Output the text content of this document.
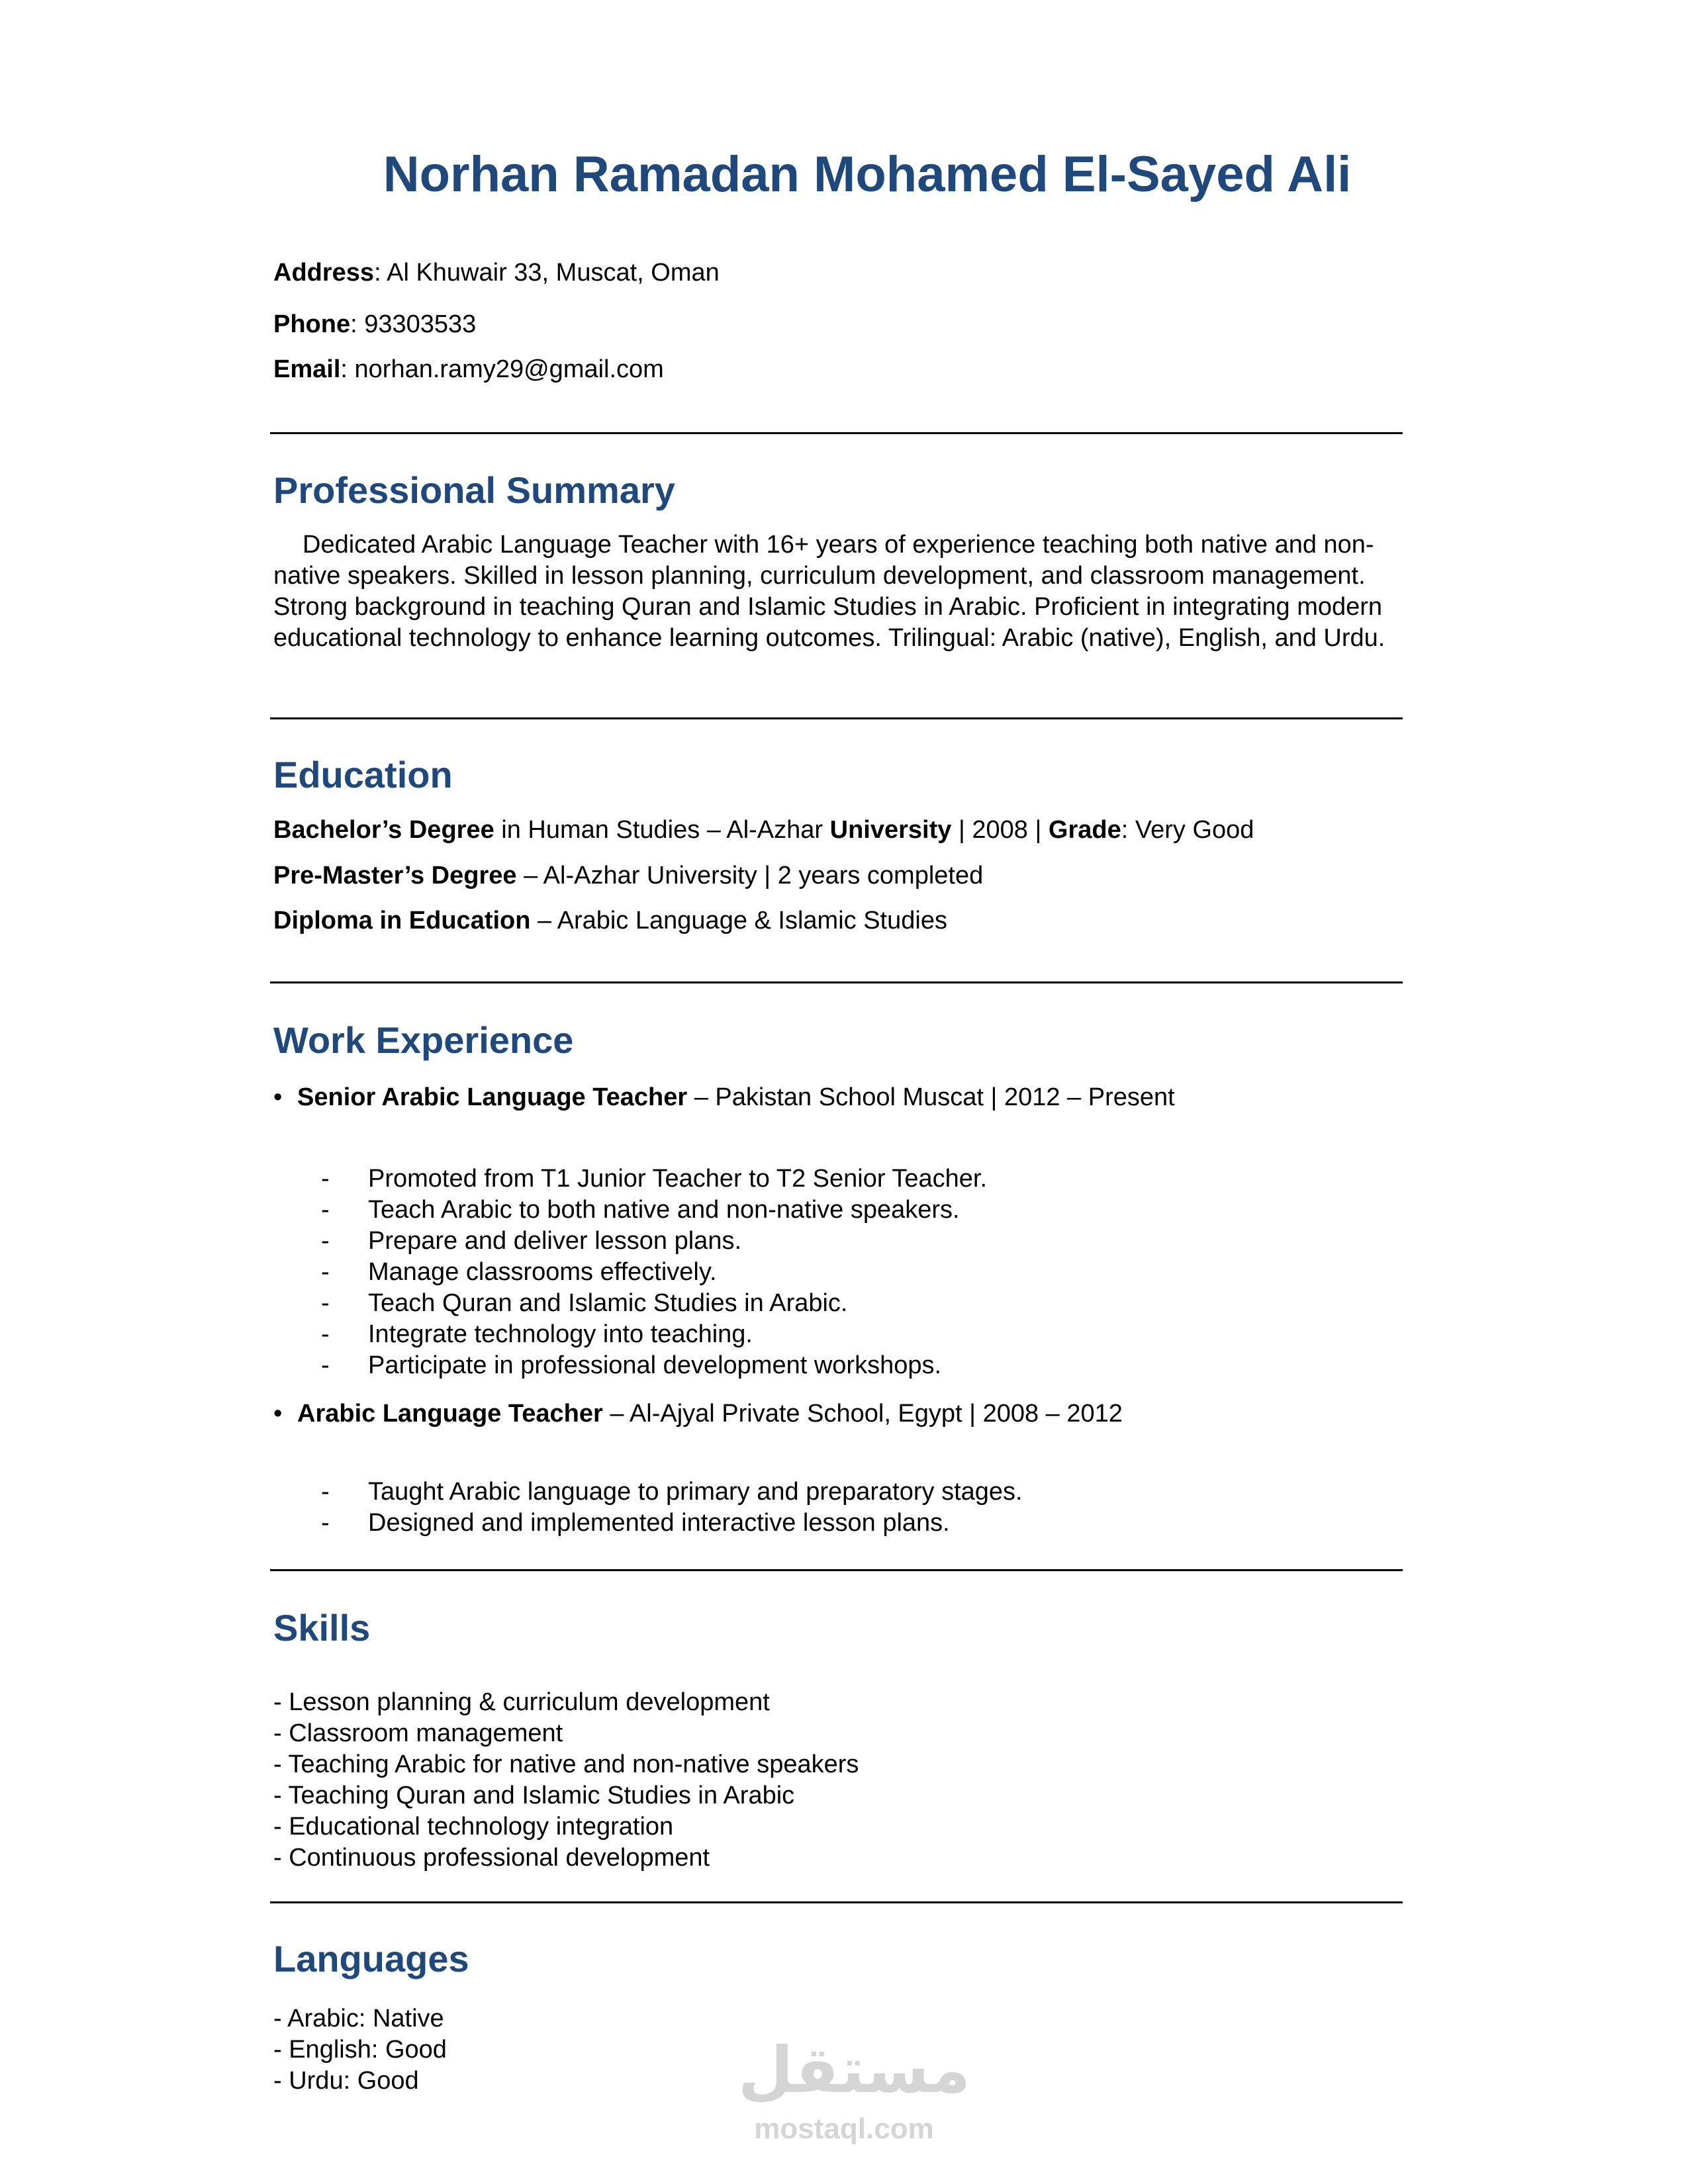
Norhan Ramadan Mohamed El-Sayed Ali
Address: Al Khuwair 33, Muscat, Oman
Phone: 93303533
Email: norhan.ramy29@gmail.com
Professional Summary

Dedicated Arabic Language Teacher with 16+ years of experience teaching both native and non-native speakers. Skilled in lesson planning, curriculum development, and classroom management. Strong background in teaching Quran and Islamic Studies in Arabic. Proficient in integrating modern educational technology to enhance learning outcomes. Trilingual: Arabic (native), English, and Urdu.

Education
Bachelor’s Degree in Human Studies – Al-Azhar University | 2008 | Grade: Very Good
Pre-Master’s Degree – Al-Azhar University | 2 years completed
Diploma in Education – Arabic Language & Islamic Studies
Work Experience
• Senior Arabic Language Teacher – Pakistan School Muscat | 2012 – Present
- Promoted from T1 Junior Teacher to T2 Senior Teacher.
- Teach Arabic to both native and non-native speakers.
- Prepare and deliver lesson plans.
- Manage classrooms effectively.
- Teach Quran and Islamic Studies in Arabic.
- Integrate technology into teaching.
- Participate in professional development workshops.
• Arabic Language Teacher – Al-Ajyal Private School, Egypt | 2008 – 2012
- Taught Arabic language to primary and preparatory stages.
- Designed and implemented interactive lesson plans.
Skills
- Lesson planning & curriculum development
- Classroom management
- Teaching Arabic for native and non-native speakers
- Teaching Quran and Islamic Studies in Arabic
- Educational technology integration
- Continuous professional development
Languages
- Arabic: Native
- English: Good
- Urdu: Good	مستقل
mostaql.com
